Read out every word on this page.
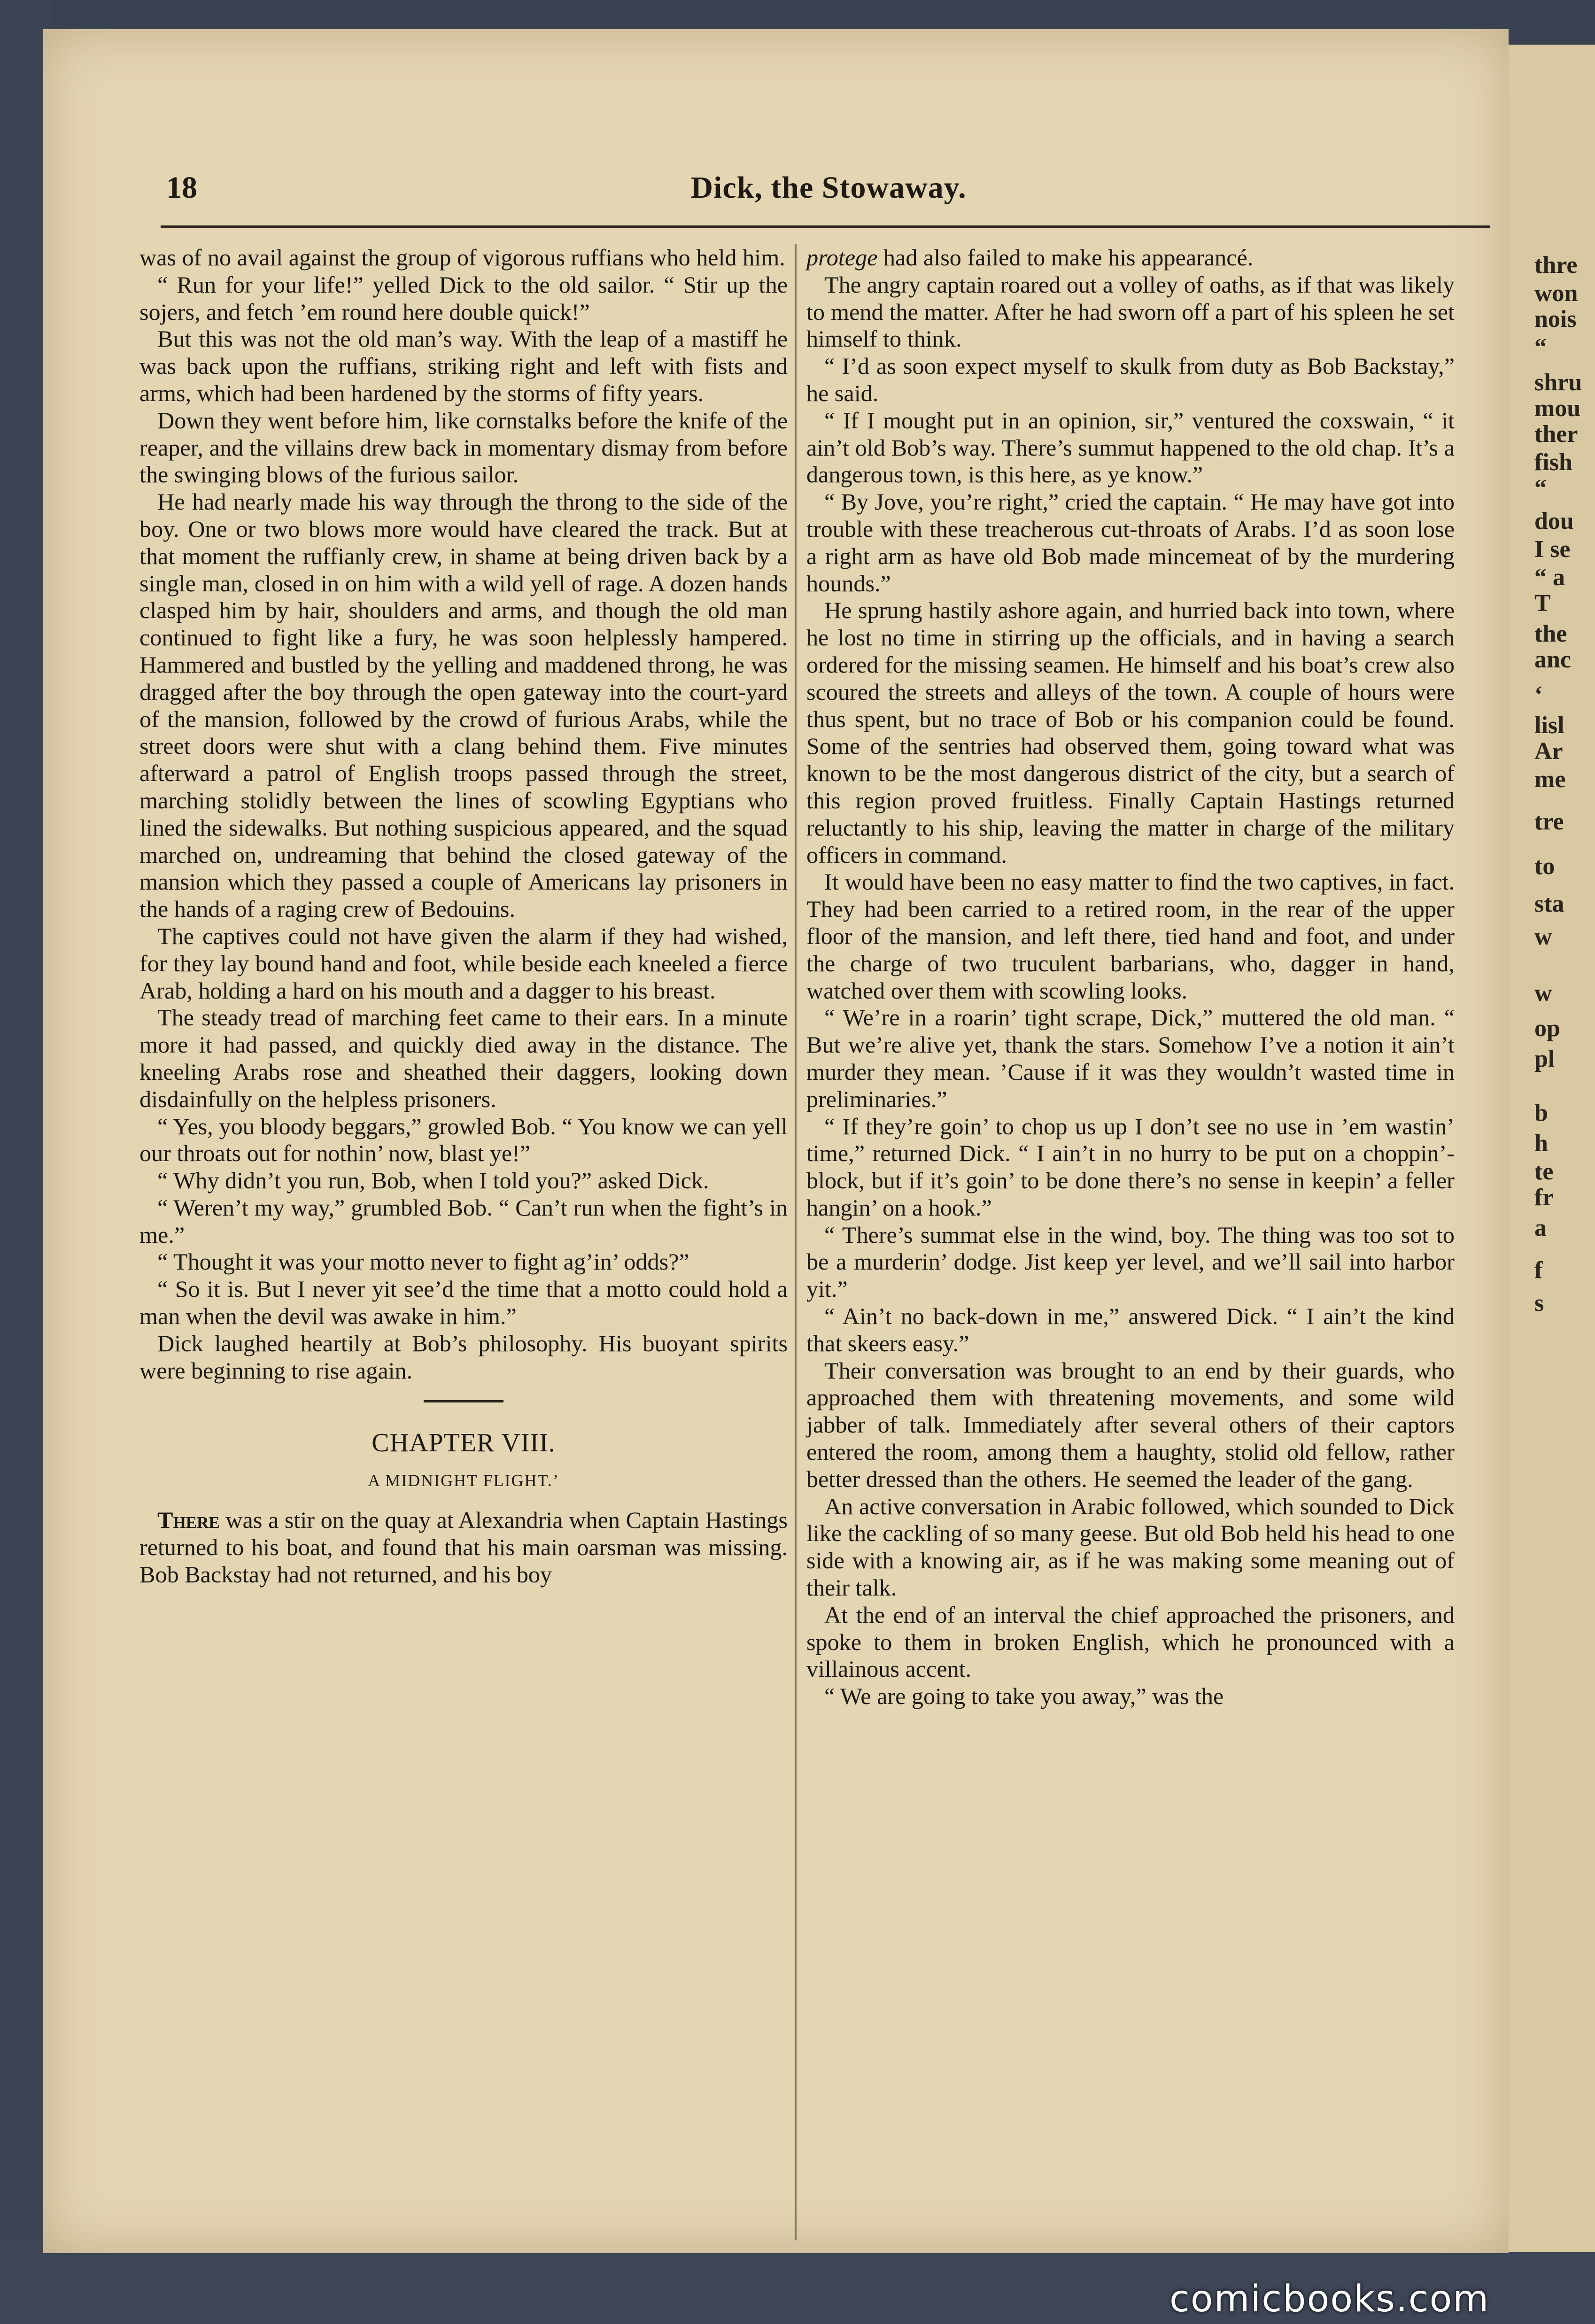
thre
won
nois
“
shru
mou
ther
fish
“
dou
I se
“ a
T
the
anc
‘
lisl
Ar
me
tre
to
sta
w
w
op
pl
b
h
te
fr
a
f
s
18	Dick, the Stowaway.

was of no avail against the group of vigorous ruffians who held him.

“ Run for your life!” yelled Dick to the old sailor. “ Stir up the sojers, and fetch ’em round here double quick!”

But this was not the old man’s way. With the leap of a mastiff he was back upon the ruffians, striking right and left with fists and arms, which had been hardened by the storms of fifty years.

Down they went before him, like cornstalks before the knife of the reaper, and the villains drew back in momentary dismay from before the swinging blows of the furious sailor.

He had nearly made his way through the throng to the side of the boy. One or two blows more would have cleared the track. But at that moment the ruffianly crew, in shame at being driven back by a single man, closed in on him with a wild yell of rage. A dozen hands clasped him by hair, shoulders and arms, and though the old man continued to fight like a fury, he was soon helplessly hampered. Hammered and bustled by the yelling and maddened throng, he was dragged after the boy through the open gateway into the court-yard of the mansion, followed by the crowd of furious Arabs, while the street doors were shut with a clang behind them. Five minutes afterward a patrol of English troops passed through the street, marching stolidly between the lines of scowling Egyptians who lined the sidewalks. But nothing suspicious appeared, and the squad marched on, undreaming that behind the closed gateway of the mansion which they passed a couple of Americans lay prisoners in the hands of a raging crew of Bedouins.

The captives could not have given the alarm if they had wished, for they lay bound hand and foot, while beside each kneeled a fierce Arab, holding a hard on his mouth and a dagger to his breast.

The steady tread of marching feet came to their ears. In a minute more it had passed, and quickly died away in the distance. The kneeling Arabs rose and sheathed their daggers, looking down disdainfully on the helpless prisoners.

“ Yes, you bloody beggars,” growled Bob. “ You know we can yell our throats out for nothin’ now, blast ye!”

“ Why didn’t you run, Bob, when I told you?” asked Dick.

“ Weren’t my way,” grumbled Bob. “ Can’t run when the fight’s in me.”

“ Thought it was your motto never to fight ag’in’ odds?”

“ So it is. But I never yit see’d the time that a motto could hold a man when the devil was awake in him.”

Dick laughed heartily at Bob’s philosophy. His buoyant spirits were beginning to rise again.

CHAPTER VIII.

A MIDNIGHT FLIGHT.’

There was a stir on the quay at Alexandria when Captain Hastings returned to his boat, and found that his main oarsman was missing. Bob Backstay had not returned, and his boy

protege had also failed to make his appearancé.

The angry captain roared out a volley of oaths, as if that was likely to mend the matter. After he had sworn off a part of his spleen he set himself to think.

“ I’d as soon expect myself to skulk from duty as Bob Backstay,” he said.

“ If I mought put in an opinion, sir,” ventured the coxswain, “ it ain’t old Bob’s way. There’s summut happened to the old chap. It’s a dangerous town, is this here, as ye know.”

“ By Jove, you’re right,” cried the captain. “ He may have got into trouble with these treacherous cut-throats of Arabs. I’d as soon lose a right arm as have old Bob made mincemeat of by the murdering hounds.”

He sprung hastily ashore again, and hurried back into town, where he lost no time in stirring up the officials, and in having a search ordered for the missing seamen. He himself and his boat’s crew also scoured the streets and alleys of the town. A couple of hours were thus spent, but no trace of Bob or his companion could be found. Some of the sentries had observed them, going toward what was known to be the most dangerous district of the city, but a search of this region proved fruitless. Finally Captain Hastings returned reluctantly to his ship, leaving the matter in charge of the military officers in command.

It would have been no easy matter to find the two captives, in fact. They had been carried to a retired room, in the rear of the upper floor of the mansion, and left there, tied hand and foot, and under the charge of two truculent barbarians, who, dagger in hand, watched over them with scowling looks.

“ We’re in a roarin’ tight scrape, Dick,” muttered the old man. “ But we’re alive yet, thank the stars. Somehow I’ve a notion it ain’t murder they mean. ’Cause if it was they wouldn’t wasted time in preliminaries.”

“ If they’re goin’ to chop us up I don’t see no use in ’em wastin’ time,” returned Dick. “ I ain’t in no hurry to be put on a choppin’-block, but if it’s goin’ to be done there’s no sense in keepin’ a feller hangin’ on a hook.”

“ There’s summat else in the wind, boy. The thing was too sot to be a murderin’ dodge. Jist keep yer level, and we’ll sail into harbor yit.”

“ Ain’t no back-down in me,” answered Dick. “ I ain’t the kind that skeers easy.”

Their conversation was brought to an end by their guards, who approached them with threatening movements, and some wild jabber of talk. Immediately after several others of their captors entered the room, among them a haughty, stolid old fellow, rather better dressed than the others. He seemed the leader of the gang.

An active conversation in Arabic followed, which sounded to Dick like the cackling of so many geese. But old Bob held his head to one side with a knowing air, as if he was making some meaning out of their talk.

At the end of an interval the chief approached the prisoners, and spoke to them in broken English, which he pronounced with a villainous accent.

“ We are going to take you away,” was the

comicbooks.com
